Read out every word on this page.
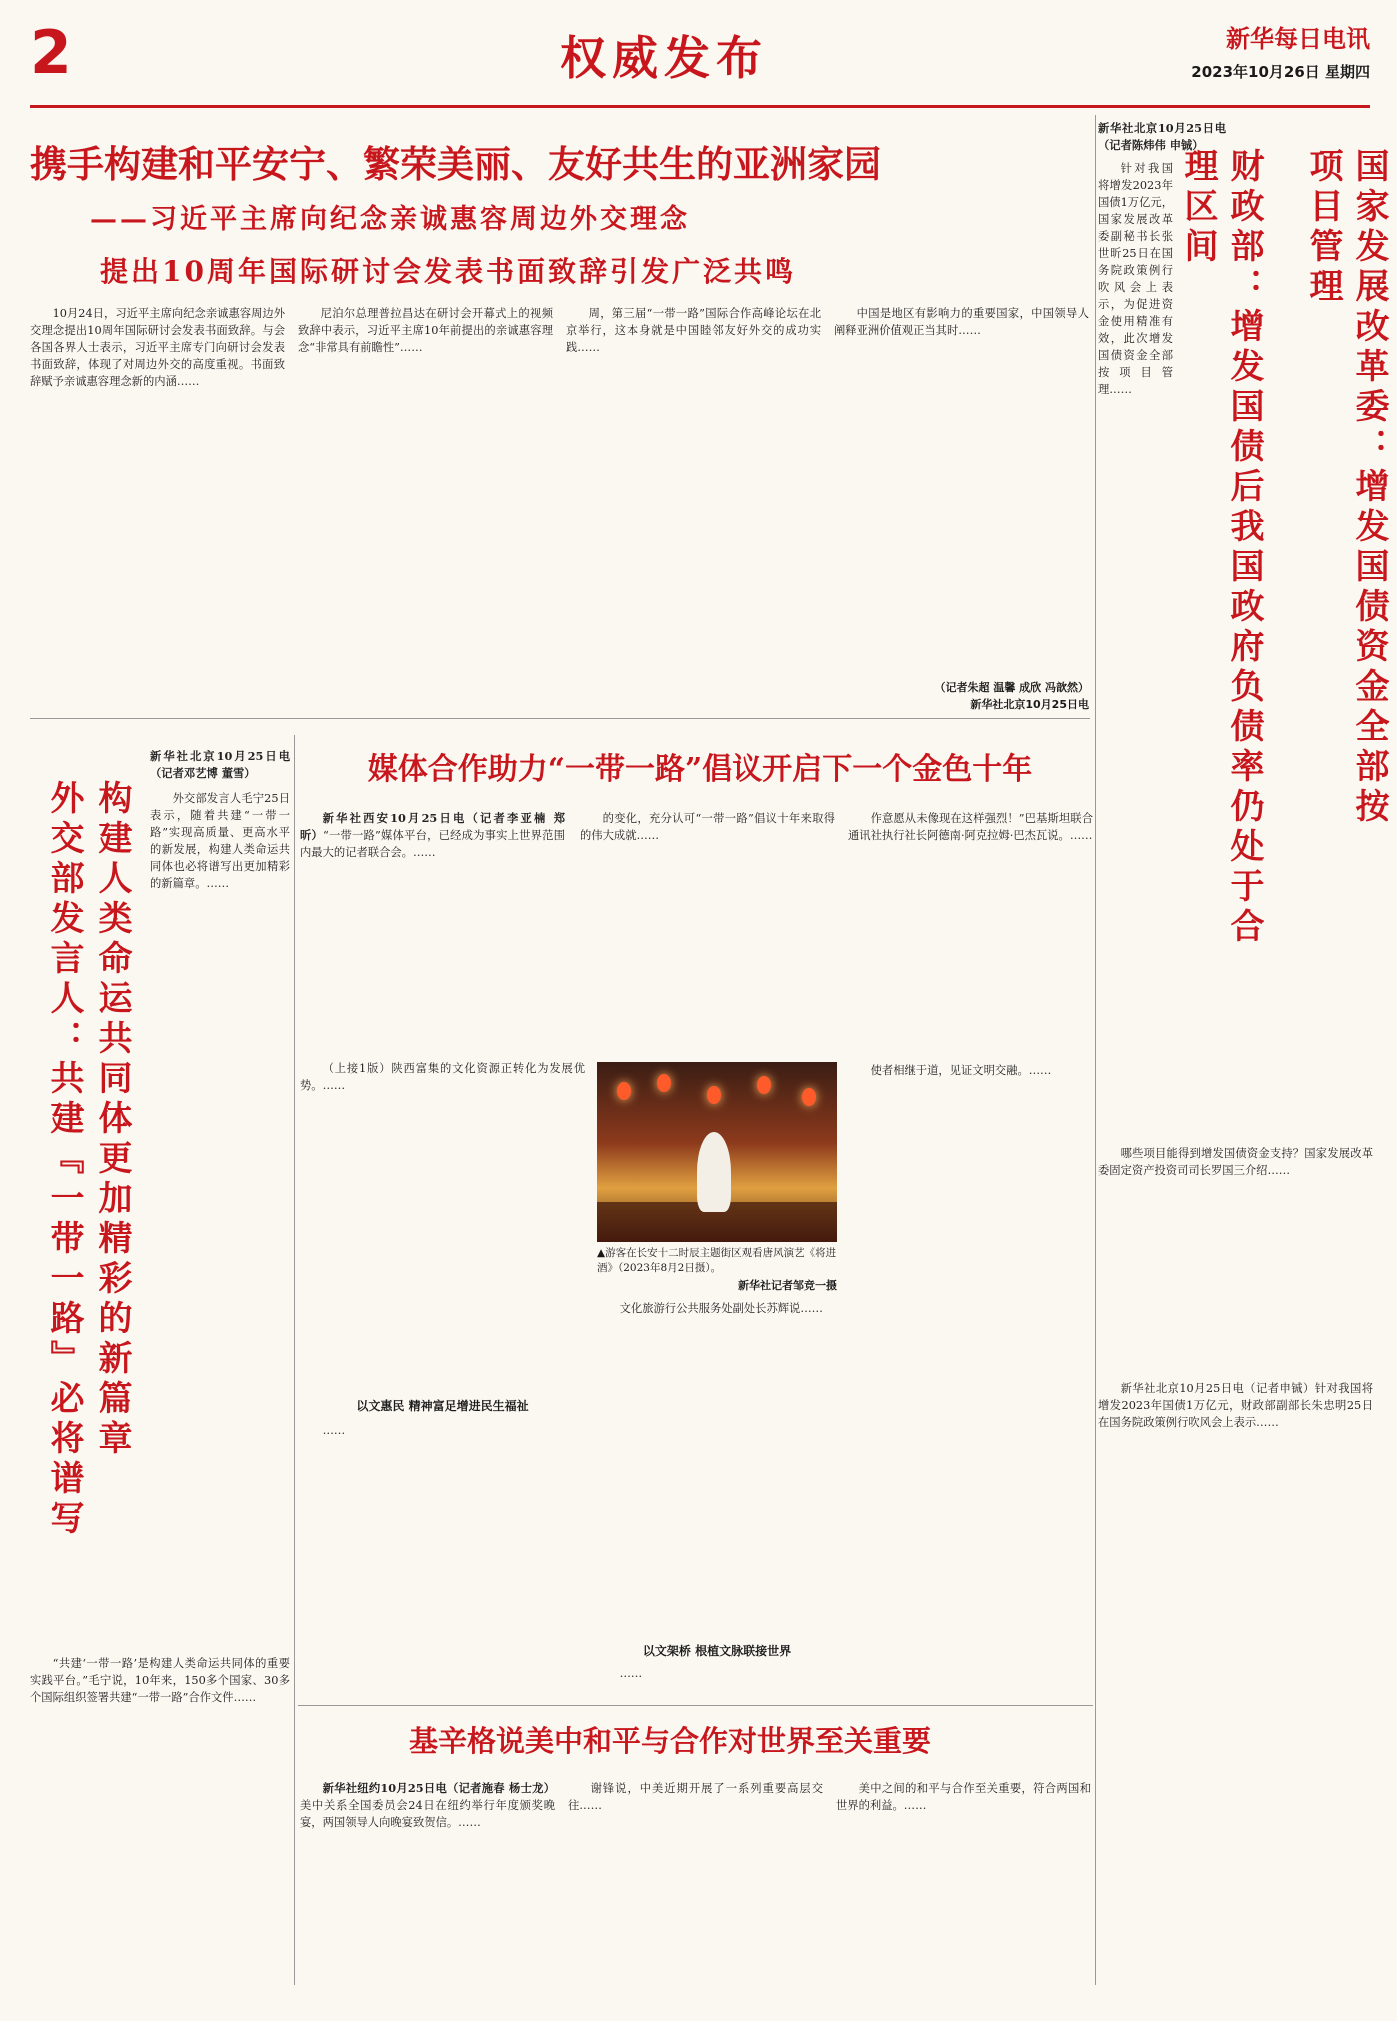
2	权威发布	新华每日电讯
2023年10月26日 星期四
携手构建和平安宁、繁荣美丽、友好共生的亚洲家园
——习近平主席向纪念亲诚惠容周边外交理念
提出10周年国际研讨会发表书面致辞引发广泛共鸣

10月24日，习近平主席向纪念亲诚惠容周边外交理念提出10周年国际研讨会发表书面致辞。与会各国各界人士表示，习近平主席专门向研讨会发表书面致辞，体现了对周边外交的高度重视。书面致辞赋予亲诚惠容理念新的内涵……

尼泊尔总理普拉昌达在研讨会开幕式上的视频致辞中表示，习近平主席10年前提出的亲诚惠容理念“非常具有前瞻性”……

周，第三届“一带一路”国际合作高峰论坛在北京举行，这本身就是中国睦邻友好外交的成功实践……

中国是地区有影响力的重要国家，中国领导人阐释亚洲价值观正当其时……

（记者朱超 温馨 成欣 冯歆然）
新华社北京10月25日电
新华社北京10月25日电（记者陈炜伟 申铖）

针对我国将增发2023年国债1万亿元，国家发展改革委副秘书长张世昕25日在国务院政策例行吹风会上表示，为促进资金使用精准有效，此次增发国债资金全部按项目管理……	国家发展改革委：增发国债资金全部按项目管理
财政部：增发国债后我国政府负债率仍处于合理区间

哪些项目能得到增发国债资金支持？国家发展改革委固定资产投资司司长罗国三介绍……

新华社北京10月25日电（记者申铖）针对我国将增发2023年国债1万亿元，财政部副部长朱忠明25日在国务院政策例行吹风会上表示……

媒体合作助力“一带一路”倡议开启下一个金色十年

新华社西安10月25日电（记者李亚楠 郑昕）“一带一路”媒体平台，已经成为事实上世界范围内最大的记者联合会。……

的变化，充分认可“一带一路”倡议十年来取得的伟大成就……

作意愿从未像现在这样强烈！”巴基斯坦联合通讯社执行社长阿德南·阿克拉姆·巴杰瓦说。……

（上接1版）陕西富集的文化资源正转化为发展优势。……

以文惠民 精神富足增进民生福祉

……

▲游客在长安十二时辰主题街区观看唐风演艺《将进酒》（2023年8月2日摄）。
新华社记者邹竞一摄

文化旅游行公共服务处副处长苏辉说……

以文架桥 根植文脉联接世界

……

使者相继于道，见证文明交融。……

新华社北京10月25日电（记者邓艺博 董雪）

外交部发言人毛宁25日表示，随着共建“一带一路”实现高质量、更高水平的新发展，构建人类命运共同体也必将谱写出更加精彩的新篇章。……

构建人类命运共同体更加精彩的新篇章
外交部发言人：共建『一带一路』必将谱写

“共建‘一带一路’是构建人类命运共同体的重要实践平台。”毛宁说，10年来，150多个国家、30多个国际组织签署共建“一带一路”合作文件……

基辛格说美中和平与合作对世界至关重要

新华社纽约10月25日电（记者施春 杨士龙）美中关系全国委员会24日在纽约举行年度颁奖晚宴，两国领导人向晚宴致贺信。……

谢锋说，中美近期开展了一系列重要高层交往……

美中之间的和平与合作至关重要，符合两国和世界的利益。……
